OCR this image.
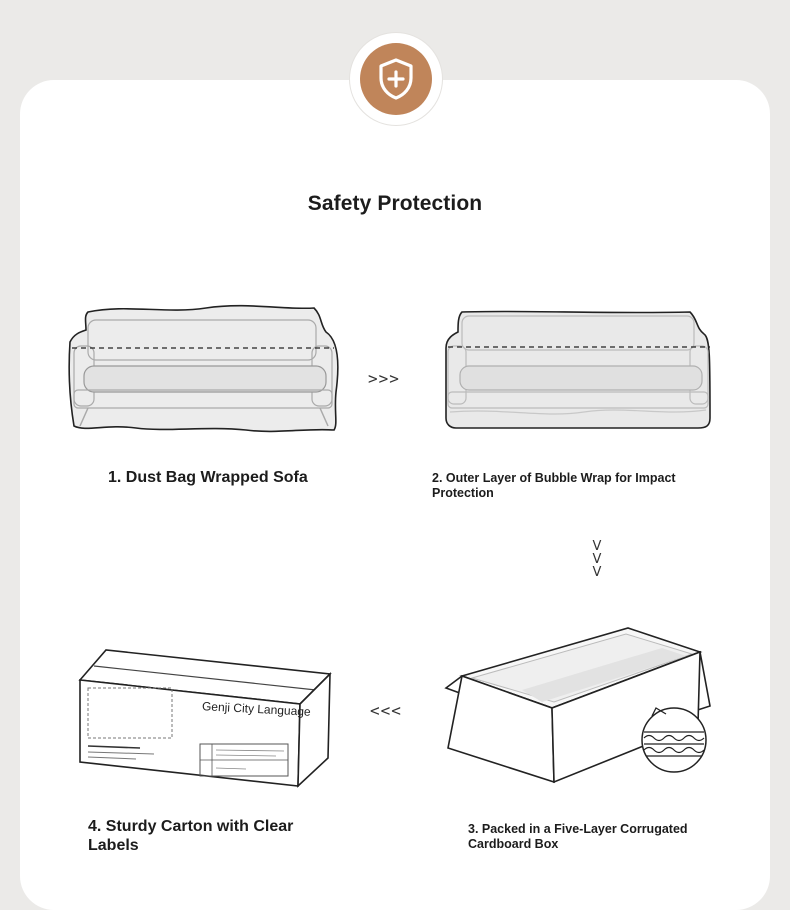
Safety Protection
>>>
1. Dust Bag Wrapped Sofa	2. Outer Layer of Bubble Wrap for Impact Protection
V
V
V
Genji City Language	<<<
4. Sturdy Carton with Clear Labels
3. Packed in a Five-Layer Corrugated Cardboard Box
